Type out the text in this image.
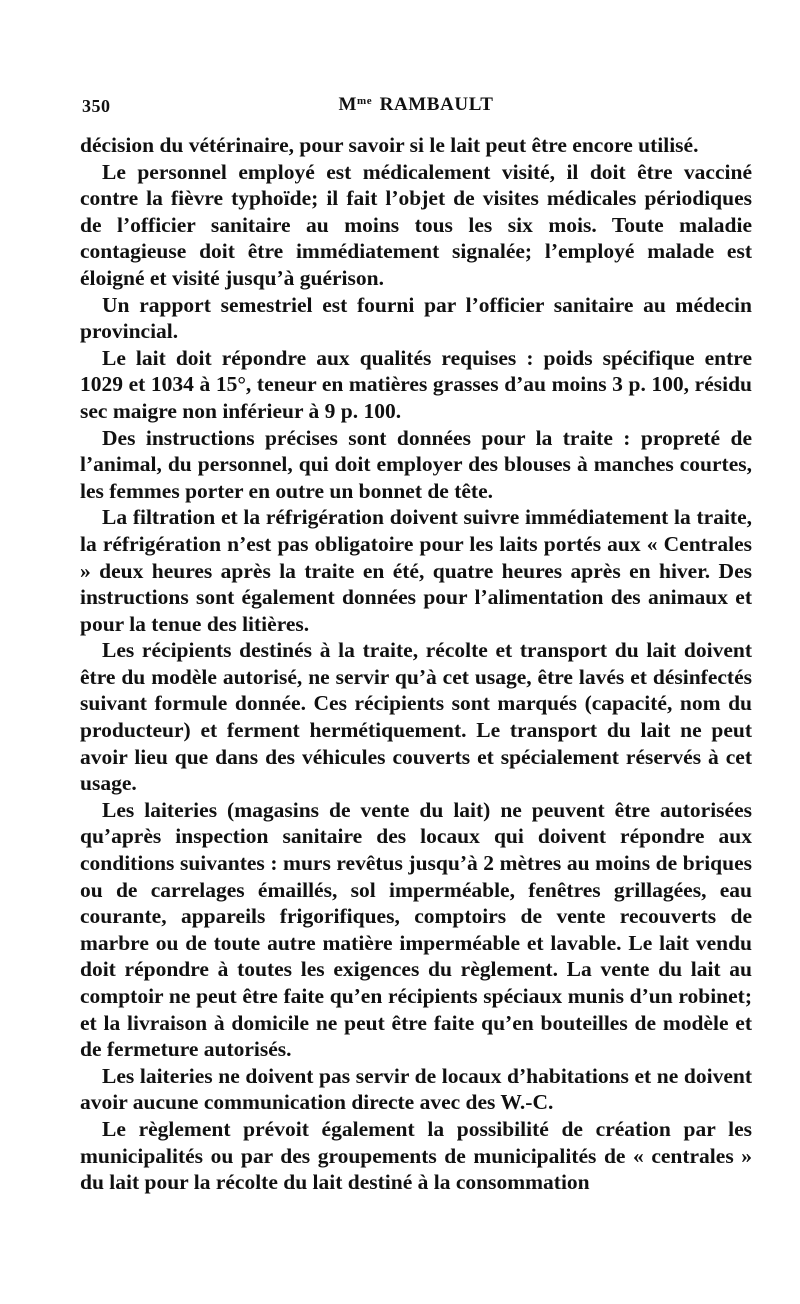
350	$M^{me}$ RAMBAULT

décision du vétérinaire, pour savoir si le lait peut être encore utilisé.

Le personnel employé est médicalement visité, il doit être vacciné contre la fièvre typhoïde; il fait l’objet de visites médicales périodiques de l’officier sanitaire au moins tous les six mois. Toute maladie contagieuse doit être immédiatement signalée; l’employé malade est éloigné et visité jusqu’à guérison.

Un rapport semestriel est fourni par l’officier sanitaire au médecin provincial.

Le lait doit répondre aux qualités requises : poids spécifique entre 1029 et 1034 à 15°, teneur en matières grasses d’au moins 3 p. 100, résidu sec maigre non inférieur à 9 p. 100.

Des instructions précises sont données pour la traite : propreté de l’animal, du personnel, qui doit employer des blouses à manches courtes, les femmes porter en outre un bonnet de tête.

La filtration et la réfrigération doivent suivre immédiatement la traite, la réfrigération n’est pas obligatoire pour les laits portés aux « Centrales » deux heures après la traite en été, quatre heures après en hiver. Des instructions sont également données pour l’alimentation des animaux et pour la tenue des litières.

Les récipients destinés à la traite, récolte et transport du lait doivent être du modèle autorisé, ne servir qu’à cet usage, être lavés et désinfectés suivant formule donnée. Ces récipients sont marqués (capacité, nom du producteur) et ferment hermétiquement. Le transport du lait ne peut avoir lieu que dans des véhicules couverts et spécialement réservés à cet usage.

Les laiteries (magasins de vente du lait) ne peuvent être autorisées qu’après inspection sanitaire des locaux qui doivent répondre aux conditions suivantes : murs revêtus jusqu’à 2 mètres au moins de briques ou de carrelages émaillés, sol imperméable, fenêtres grillagées, eau courante, appareils frigorifiques, comptoirs de vente recouverts de marbre ou de toute autre matière imperméable et lavable. Le lait vendu doit répondre à toutes les exigences du règlement. La vente du lait au comptoir ne peut être faite qu’en récipients spéciaux munis d’un robinet; et la livraison à domicile ne peut être faite qu’en bouteilles de modèle et de fermeture autorisés.

Les laiteries ne doivent pas servir de locaux d’habitations et ne doivent avoir aucune communication directe avec des W.-C.

Le règlement prévoit également la possibilité de création par les municipalités ou par des groupements de municipalités de « centrales » du lait pour la récolte du lait destiné à la consommation
